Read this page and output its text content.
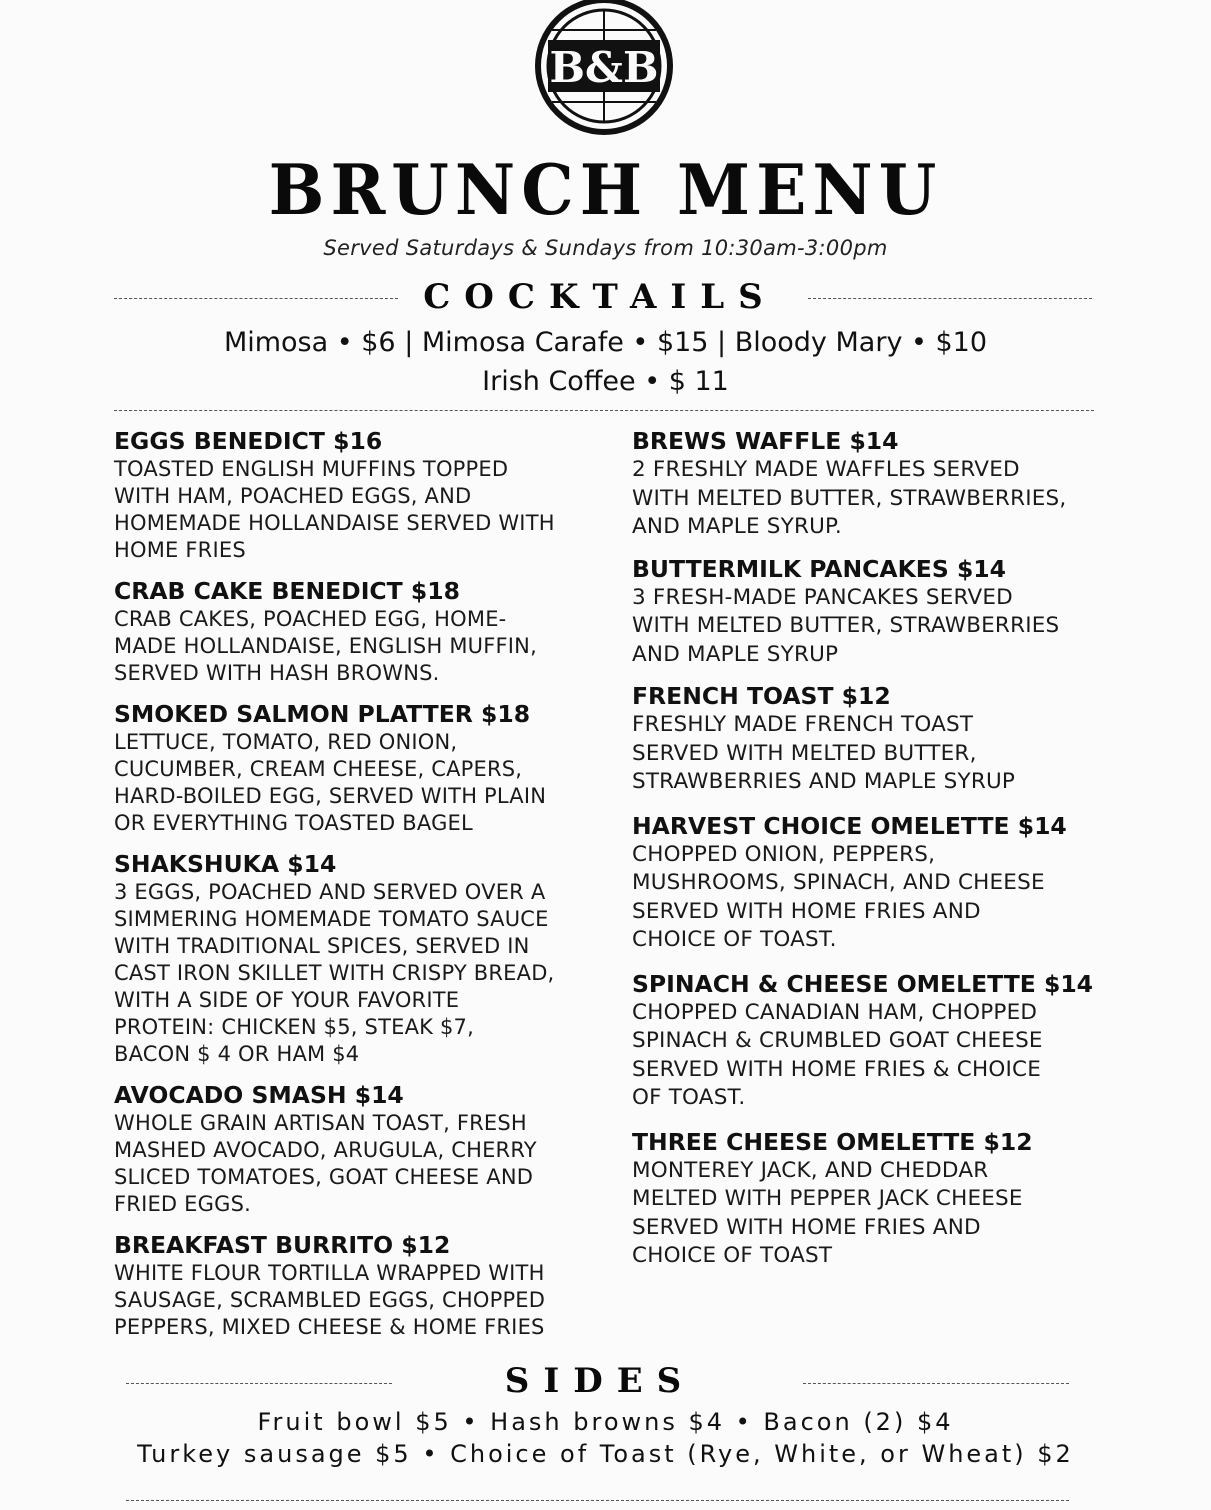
B&B
BRUNCH MENU
Served Saturdays & Sundays from 10:30am-3:00pm
COCKTAILS
Mimosa • $6 | Mimosa Carafe • $15 | Bloody Mary • $10
Irish Coffee • $ 11
EGGS BENEDICT $16
TOASTED ENGLISH MUFFINS TOPPED
WITH HAM, POACHED EGGS, AND
HOMEMADE HOLLANDAISE SERVED WITH
HOME FRIES
CRAB CAKE BENEDICT $18
CRAB CAKES, POACHED EGG, HOME-
MADE HOLLANDAISE, ENGLISH MUFFIN,
SERVED WITH HASH BROWNS.
SMOKED SALMON PLATTER $18
LETTUCE, TOMATO, RED ONION,
CUCUMBER, CREAM CHEESE, CAPERS,
HARD-BOILED EGG, SERVED WITH PLAIN
OR EVERYTHING TOASTED BAGEL
SHAKSHUKA $14
3 EGGS, POACHED AND SERVED OVER A
SIMMERING HOMEMADE TOMATO SAUCE
WITH TRADITIONAL SPICES, SERVED IN
CAST IRON SKILLET WITH CRISPY BREAD,
WITH A SIDE OF YOUR FAVORITE
PROTEIN: CHICKEN $5, STEAK $7,
BACON $ 4 OR HAM $4
AVOCADO SMASH $14
WHOLE GRAIN ARTISAN TOAST, FRESH
MASHED AVOCADO, ARUGULA, CHERRY
SLICED TOMATOES, GOAT CHEESE AND
FRIED EGGS.
BREAKFAST BURRITO $12
WHITE FLOUR TORTILLA WRAPPED WITH
SAUSAGE, SCRAMBLED EGGS, CHOPPED
PEPPERS, MIXED CHEESE & HOME FRIES
BREWS WAFFLE $14
2 FRESHLY MADE WAFFLES SERVED
WITH MELTED BUTTER, STRAWBERRIES,
AND MAPLE SYRUP.
BUTTERMILK PANCAKES $14
3 FRESH-MADE PANCAKES SERVED
WITH MELTED BUTTER, STRAWBERRIES
AND MAPLE SYRUP
FRENCH TOAST $12
FRESHLY MADE FRENCH TOAST
SERVED WITH MELTED BUTTER,
STRAWBERRIES AND MAPLE SYRUP
HARVEST CHOICE OMELETTE $14
CHOPPED ONION, PEPPERS,
MUSHROOMS, SPINACH, AND CHEESE
SERVED WITH HOME FRIES AND
CHOICE OF TOAST.
SPINACH & CHEESE OMELETTE $14
CHOPPED CANADIAN HAM, CHOPPED
SPINACH & CRUMBLED GOAT CHEESE
SERVED WITH HOME FRIES & CHOICE
OF TOAST.
THREE CHEESE OMELETTE $12
MONTEREY JACK, AND CHEDDAR
MELTED WITH PEPPER JACK CHEESE
SERVED WITH HOME FRIES AND
CHOICE OF TOAST
SIDES
Fruit bowl $5 • Hash browns $4 • Bacon (2) $4
Turkey sausage $5 • Choice of Toast (Rye, White, or Wheat) $2
